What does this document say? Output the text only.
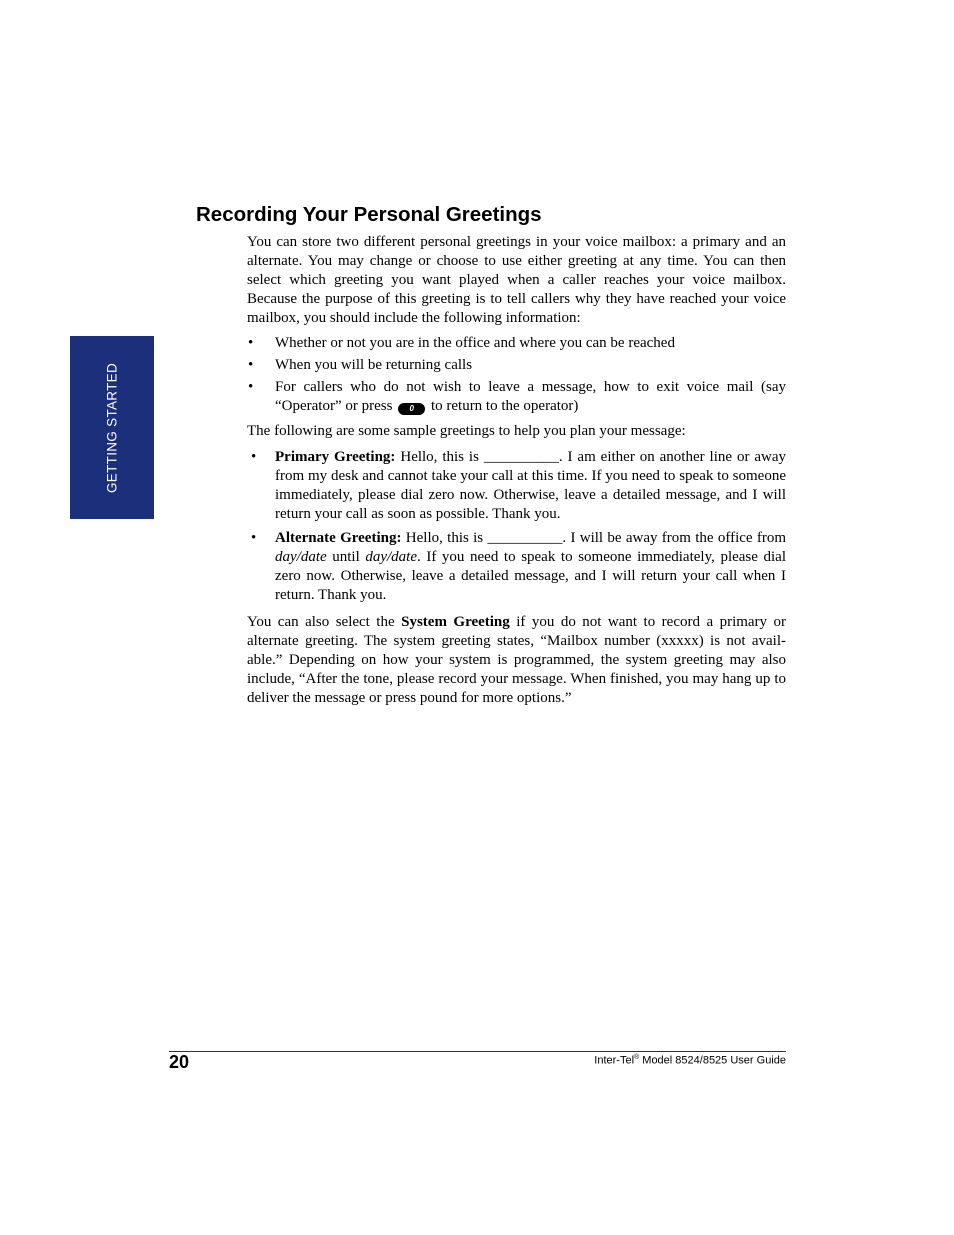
GETTING STARTED
Recording Your Personal Greetings

You can store two different personal greetings in your voice mailbox: a primary and an alternate. You may change or choose to use either greeting at any time. You can then select which greeting you want played when a caller reaches your voice mailbox. Because the purpose of this greeting is to tell callers why they have reached your voice mailbox, you should include the following information:

• Whether or not you are in the office and where you can be reached
• When you will be returning calls
• For callers who do not wish to leave a message, how to exit voice mail (say “Operator” or press 0 to return to the operator)

The following are some sample greetings to help you plan your message:

• Primary Greeting: Hello, this is __________. I am either on another line or away from my desk and cannot take your call at this time. If you need to speak to someone immediately, please dial zero now. Otherwise, leave a detailed message, and I will return your call as soon as possible. Thank you.
• Alternate Greeting: Hello, this is __________. I will be away from the office from day/date until day/date. If you need to speak to someone immediately, please dial zero now. Otherwise, leave a detailed message, and I will return your call when I return. Thank you.

You can also select the System Greeting if you do not want to record a primary or alternate greeting. The system greeting states, “Mailbox number (xxxxx) is not avail-able.” Depending on how your system is programmed, the system greeting may also include, “After the tone, please record your message. When finished, you may hang up to deliver the message or press pound for more options.”

20	Inter-Tel® Model 8524/8525 User Guide
